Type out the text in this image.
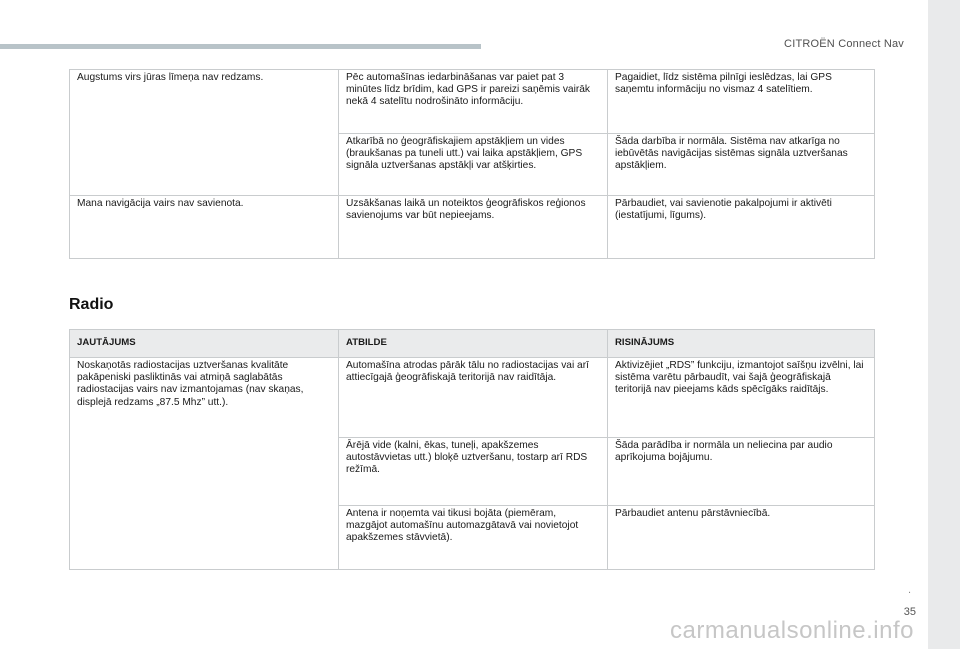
CITROËN Connect Nav
Augstums virs jūras līmeņa nav redzams.	Pēc automašīnas iedarbināšanas var paiet pat 3 minūtes līdz brīdim, kad GPS ir pareizi saņēmis vairāk nekā 4 satelītu nodrošināto informāciju.	Pagaidiet, līdz sistēma pilnīgi ieslēdzas, lai GPS saņemtu informāciju no vismaz 4 satelītiem.
	Atkarībā no ģeogrāfiskajiem apstākļiem un vides (braukšanas pa tuneli utt.) vai laika apstākļiem, GPS signāla uztveršanas apstākļi var atšķirties.	Šāda darbība ir normāla. Sistēma nav atkarīga no iebūvētās navigācijas sistēmas signāla uztveršanas apstākļiem.
Mana navigācija vairs nav savienota.	Uzsākšanas laikā un noteiktos ģeogrāfiskos reģionos savienojums var būt nepieejams.	Pārbaudiet, vai savienotie pakalpojumi ir aktivēti (iestatījumi, līgums).
Radio
JAUTĀJUMS	ATBILDE	RISINĀJUMS
Noskaņotās radiostacijas uztveršanas kvalitāte pakāpeniski pasliktinās vai atmiņā saglabātās radiostacijas vairs nav izmantojamas (nav skaņas, displejā redzams „87.5 Mhz” utt.).	Automašīna atrodas pārāk tālu no radiostacijas vai arī attiecīgajā ģeogrāfiskajā teritorijā nav raidītāja.	Aktivizējiet „RDS” funkciju, izmantojot saīšņu izvēlni, lai sistēma varētu pārbaudīt, vai šajā ģeogrāfiskajā teritorijā nav pieejams kāds spēcīgāks raidītājs.
	Ārējā vide (kalni, ēkas, tuneļi, apakšzemes autostāvvietas utt.) bloķē uztveršanu, tostarp arī RDS režīmā.	Šāda parādība ir normāla un neliecina par audio aprīkojuma bojājumu.
	Antena ir noņemta vai tikusi bojāta (piemēram, mazgājot automašīnu automazgātavā vai novietojot apakšzemes stāvvietā).	Pārbaudiet antenu pārstāvniecībā.
.
35
carmanualsonline.info
